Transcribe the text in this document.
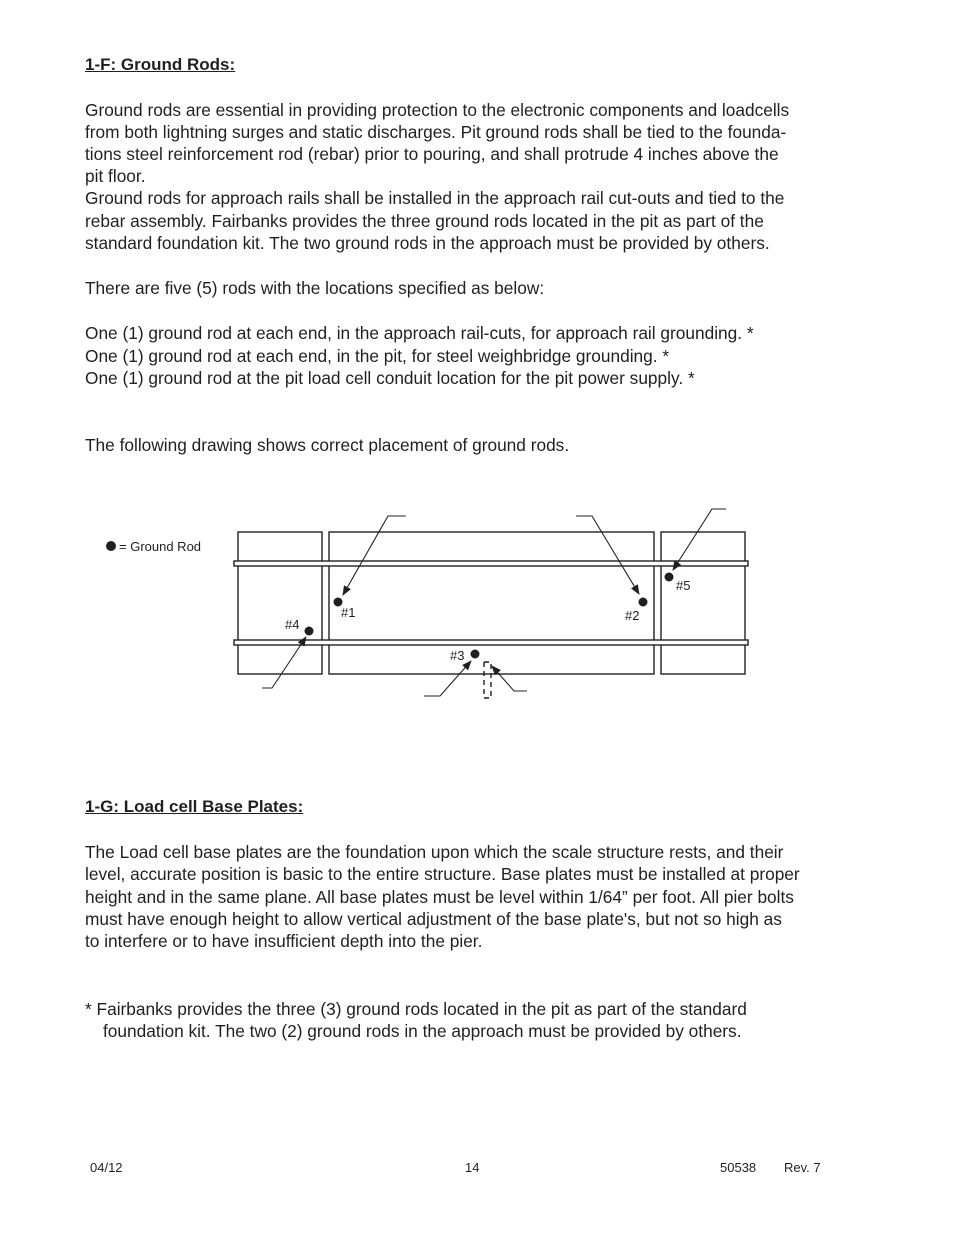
1-F: Ground Rods:
Ground rods are essential in providing protection to the electronic components and loadcells
from both lightning surges and static discharges. Pit ground rods shall be tied to the founda-
tions steel reinforcement rod (rebar) prior to pouring, and shall protrude 4 inches above the
pit floor.
Ground rods for approach rails shall be installed in the approach rail cut-outs and tied to the
rebar assembly. Fairbanks provides the three ground rods located in the pit as part of the
standard foundation kit. The two ground rods in the approach must be provided by others.
There are five (5) rods with the locations specified as below:
One (1) ground rod at each end, in the approach rail-cuts, for approach rail grounding. *
One (1) ground rod at each end, in the pit, for steel weighbridge grounding. *
One (1) ground rod at the pit load cell conduit location for the pit power supply. *
The following drawing shows correct placement of ground rods.
#1	#2
#3
#4
#5
= Ground Rod
1-G: Load cell Base Plates:
The Load cell base plates are the foundation upon which the scale structure rests, and their
level, accurate position is basic to the entire structure. Base plates must be installed at proper
height and in the same plane. All base plates must be level within 1/64” per foot. All pier bolts
must have enough height to allow vertical adjustment of the base plate's, but not so high as
to interfere or to have insufficient depth into the pier.
* Fairbanks provides the three (3) ground rods located in the pit as part of the standard
foundation kit. The two (2) ground rods in the approach must be provided by others.
04/12	14	50538 Rev. 7
